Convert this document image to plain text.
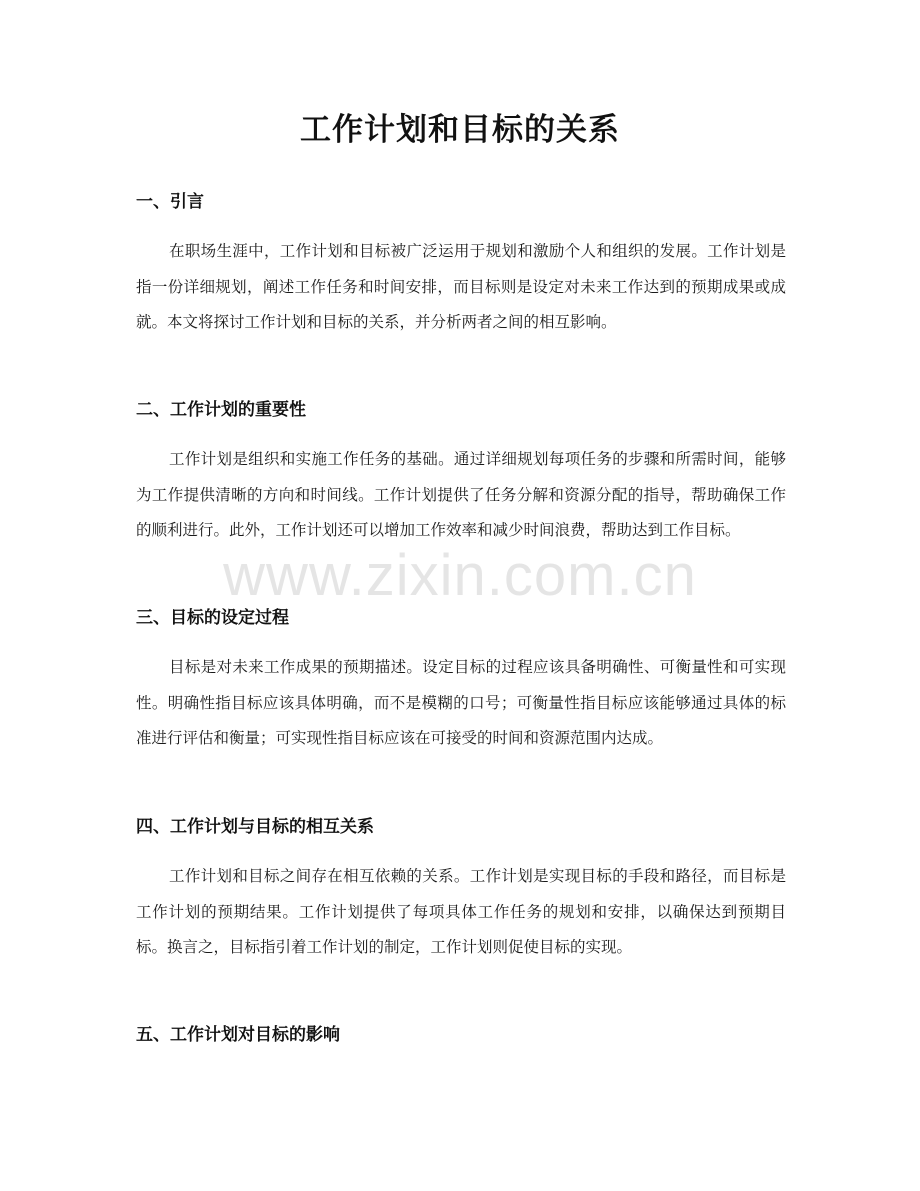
www.zixin.com.cn
工作计划和目标的关系
一、引言

在职场生涯中，工作计划和目标被广泛运用于规划和激励个人和组织的发展。工作计划是指一份详细规划，阐述工作任务和时间安排，而目标则是设定对未来工作达到的预期成果或成就。本文将探讨工作计划和目标的关系，并分析两者之间的相互影响。

二、工作计划的重要性

工作计划是组织和实施工作任务的基础。通过详细规划每项任务的步骤和所需时间，能够为工作提供清晰的方向和时间线。工作计划提供了任务分解和资源分配的指导，帮助确保工作的顺利进行。此外，工作计划还可以增加工作效率和减少时间浪费，帮助达到工作目标。

三、目标的设定过程

目标是对未来工作成果的预期描述。设定目标的过程应该具备明确性、可衡量性和可实现性。明确性指目标应该具体明确，而不是模糊的口号；可衡量性指目标应该能够通过具体的标准进行评估和衡量；可实现性指目标应该在可接受的时间和资源范围内达成。

四、工作计划与目标的相互关系

工作计划和目标之间存在相互依赖的关系。工作计划是实现目标的手段和路径，而目标是工作计划的预期结果。工作计划提供了每项具体工作任务的规划和安排，以确保达到预期目标。换言之，目标指引着工作计划的制定，工作计划则促使目标的实现。

五、工作计划对目标的影响
